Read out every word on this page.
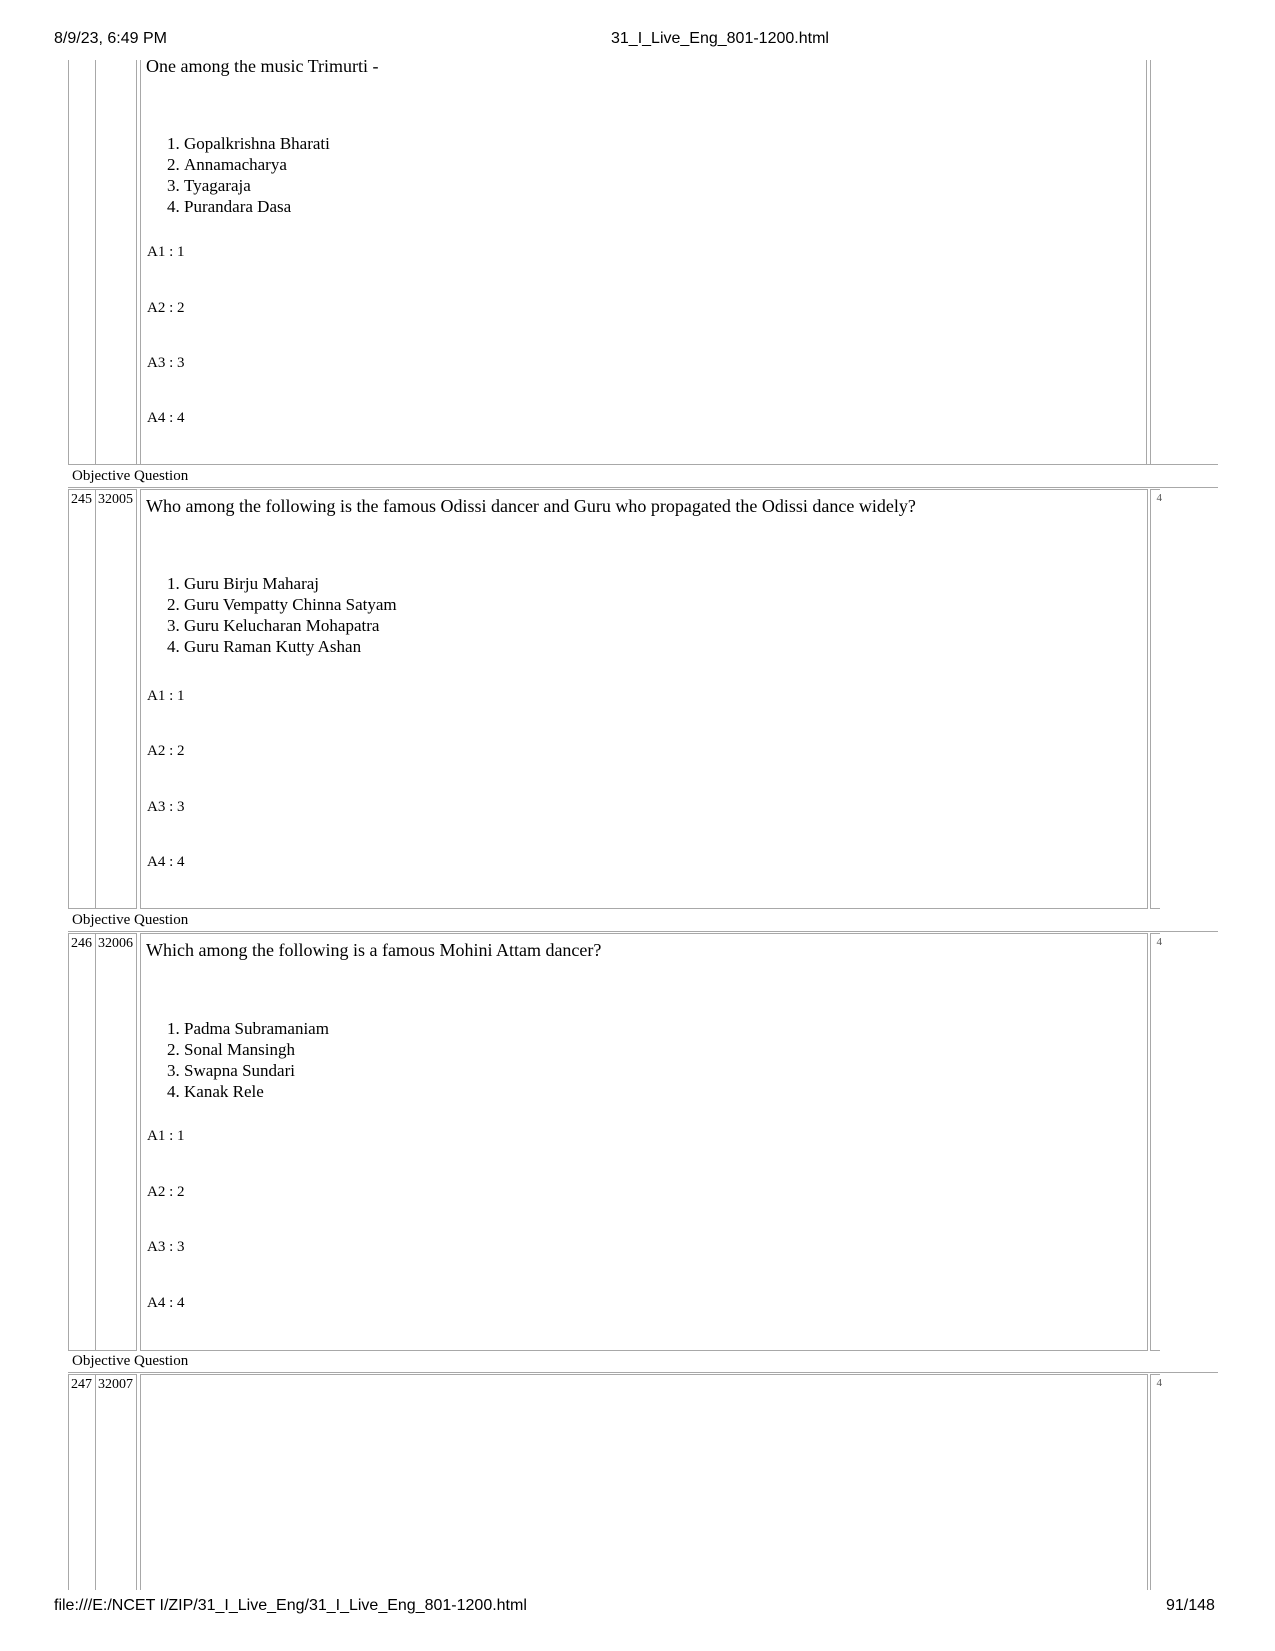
8/9/23, 6:49 PM	31_I_Live_Eng_801-1200.html
One among the music Trimurti -
1. Gopalkrishna Bharati
2. Annamacharya
3. Tyagaraja
4. Purandara Dasa
A1 : 1
A2 : 2
A3 : 3
A4 : 4
Objective Question
245 32005 Who among the following is the famous Odissi dancer and Guru who propagated the Odissi dance widely?
1. Guru Birju Maharaj
2. Guru Vempatty Chinna Satyam
3. Guru Kelucharan Mohapatra
4. Guru Raman Kutty Ashan
A1 : 1
A2 : 2
A3 : 3
A4 : 4
4
Objective Question
246 32006 Which among the following is a famous Mohini Attam dancer?
1. Padma Subramaniam
2. Sonal Mansingh
3. Swapna Sundari
4. Kanak Rele
A1 : 1
A2 : 2
A3 : 3
A4 : 4
4
Objective Question
247 32007	4
file:///E:/NCET I/ZIP/31_I_Live_Eng/31_I_Live_Eng_801-1200.html	91/148
